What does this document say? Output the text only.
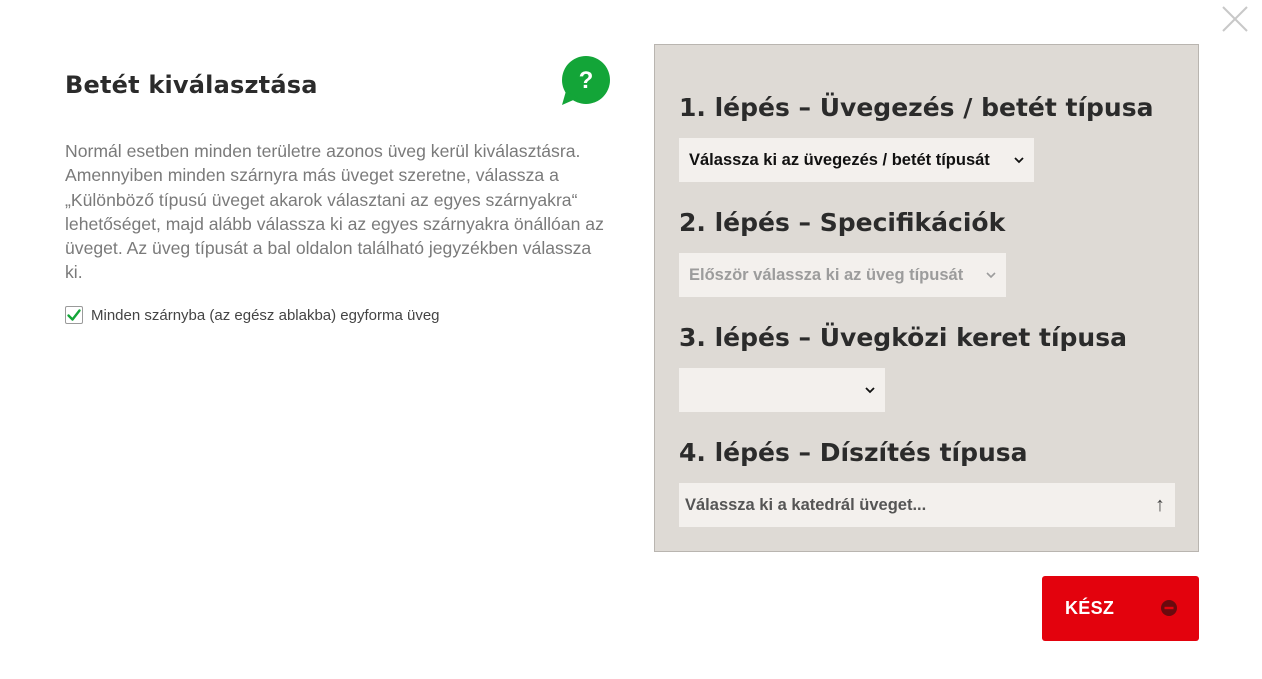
Betét kiválasztása	?

Normál esetben minden területre azonos üveg kerül kiválasztásra. Amennyiben minden szárnyra más üveget szeretne, válassza a „Különböző típusú üveget akarok választani az egyes szárnyakra“ lehetőséget, majd alább válassza ki az egyes szárnyakra önállóan az üveget. Az üveg típusát a bal oldalon található jegyzékben válassza ki.

Minden szárnyba (az egész ablakba) egyforma üveg
1. lépés – Üvegezés / betét típusa
Válassza ki az üvegezés / betét típusát
2. lépés – Specifikációk
Először válassza ki az üveg típusát
3. lépés – Üvegközi keret típusa
4. lépés – Díszítés típusa
Válassza ki a katedrál üveget...	↑
KÉSZ
